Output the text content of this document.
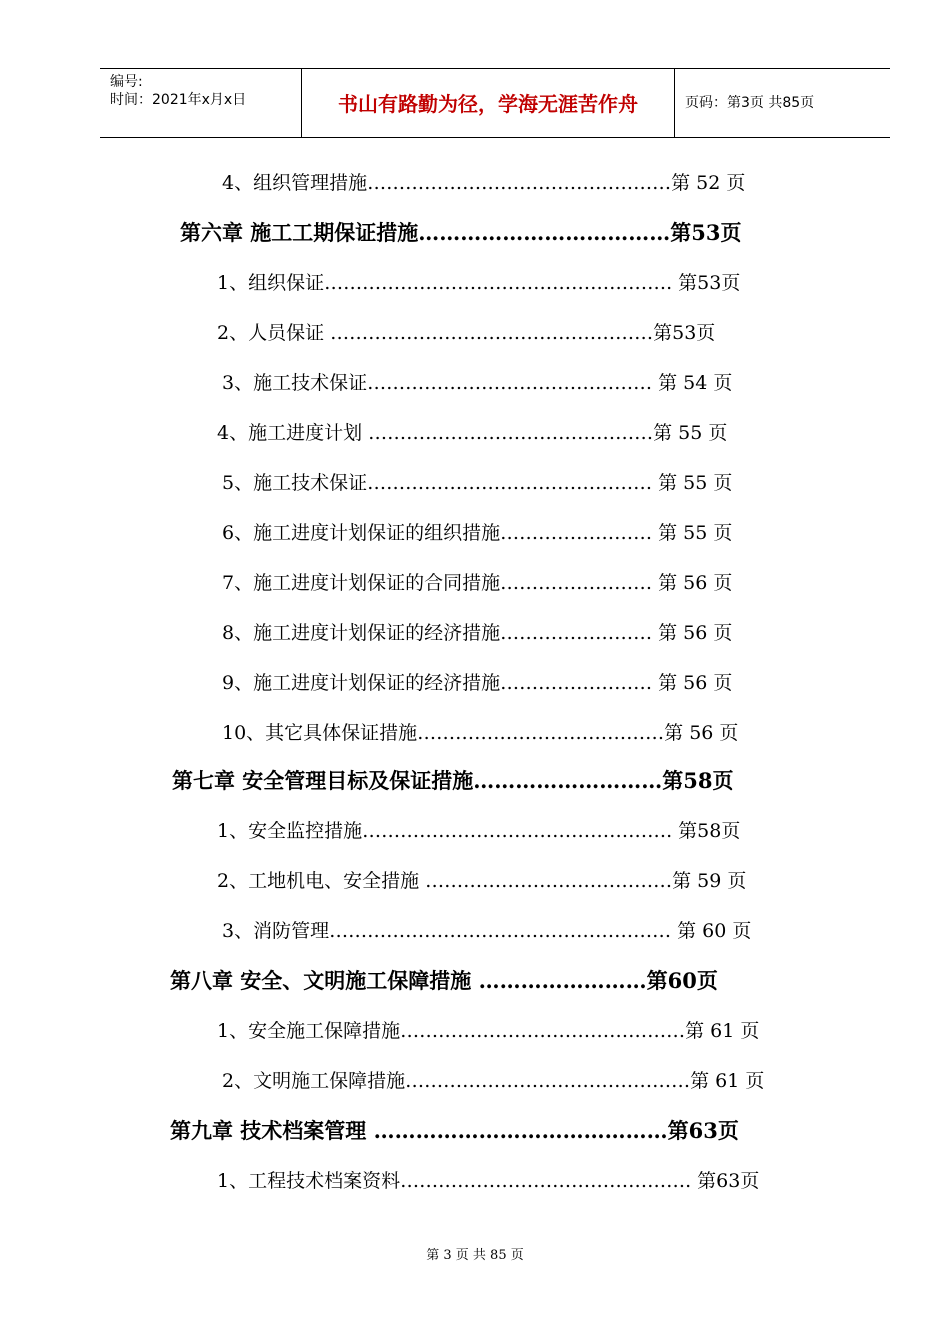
编号:
时间：2021年x月x日	书山有路勤为径，学海无涯苦作舟	页码：第3页 共85页
4、组织管理措施…………………………………………第 52 页
第六章 施工工期保证措施………………………………第53页
1、组织保证………………………………………………. 第53页
2、人员保证 ……………………………………………第53页
3、施工技术保证……………………………………… 第 54 页
4、施工进度计划 ………………………………………第 55 页
5、施工技术保证……………………………………… 第 55 页
6、施工进度计划保证的组织措施…………………… 第 55 页
7、施工进度计划保证的合同措施…………………… 第 56 页
8、施工进度计划保证的经济措施…………………… 第 56 页
9、施工进度计划保证的经济措施…………………… 第 56 页
10、其它具体保证措施…………………………………第 56 页
第七章 安全管理目标及保证措施………………………第58页
1、安全监控措施…………………………………………. 第58页
2、工地机电、安全措施 …………………………………第 59 页
3、消防管理……………………………………………… 第 60 页
第八章 安全、文明施工保障措施 ……………………第60页
1、安全施工保障措施………………………………………第 61 页
2、文明施工保障措施………………………………………第 61 页
第九章 技术档案管理 ……………………………………第63页
1、工程技术档案资料………………………………………. 第63页
第 3 页 共 85 页
